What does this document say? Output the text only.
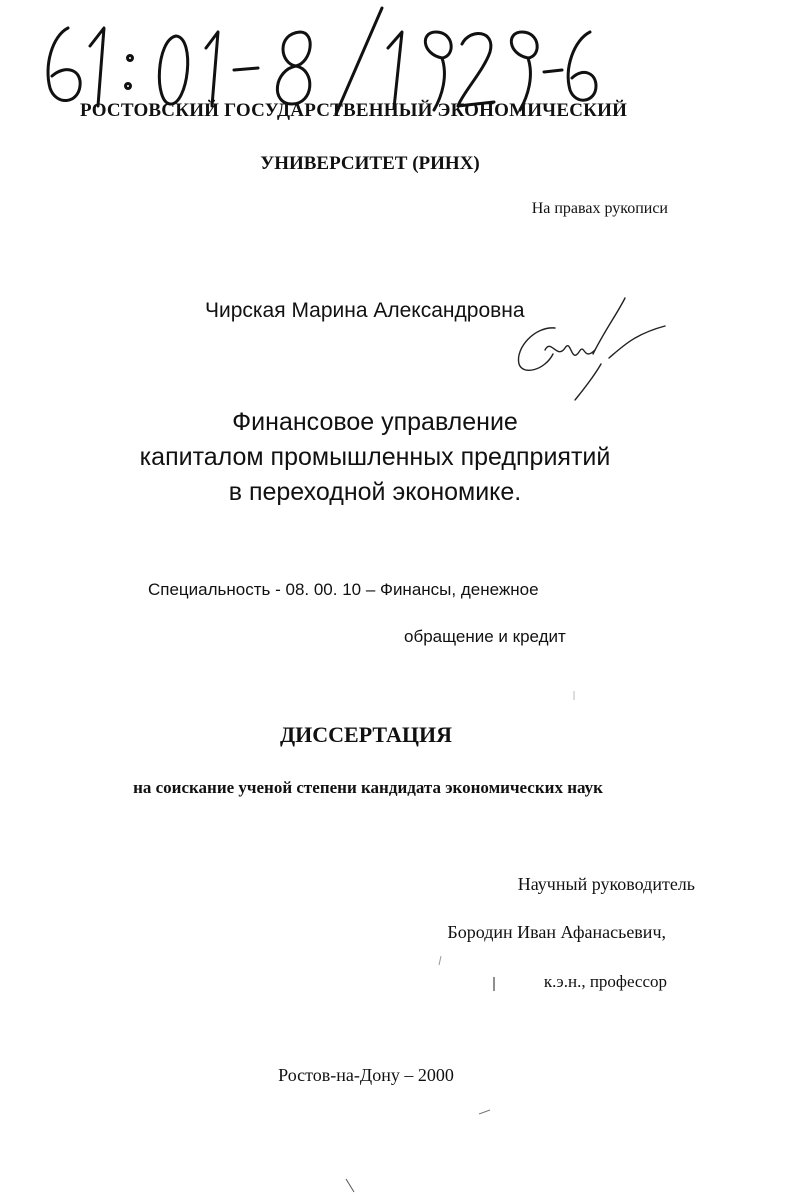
РОСТОВСКИЙ ГОСУДАРСТВЕННЫЙ ЭКОНОМИЧЕСКИЙ
УНИВЕРСИТЕТ (РИНХ)
На правах рукописи
Чирская Марина Александровна
Финансовое управление
капиталом промышленных предприятий
в переходной экономике.
Специальность - 08. 00. 10 – Финансы, денежное
обращение и кредит
ДИССЕРТАЦИЯ
на соискание ученой степени кандидата экономических наук
Научный руководитель
Бородин Иван Афанасьевич,
к.э.н., профессор
Ростов-на-Дону – 2000
